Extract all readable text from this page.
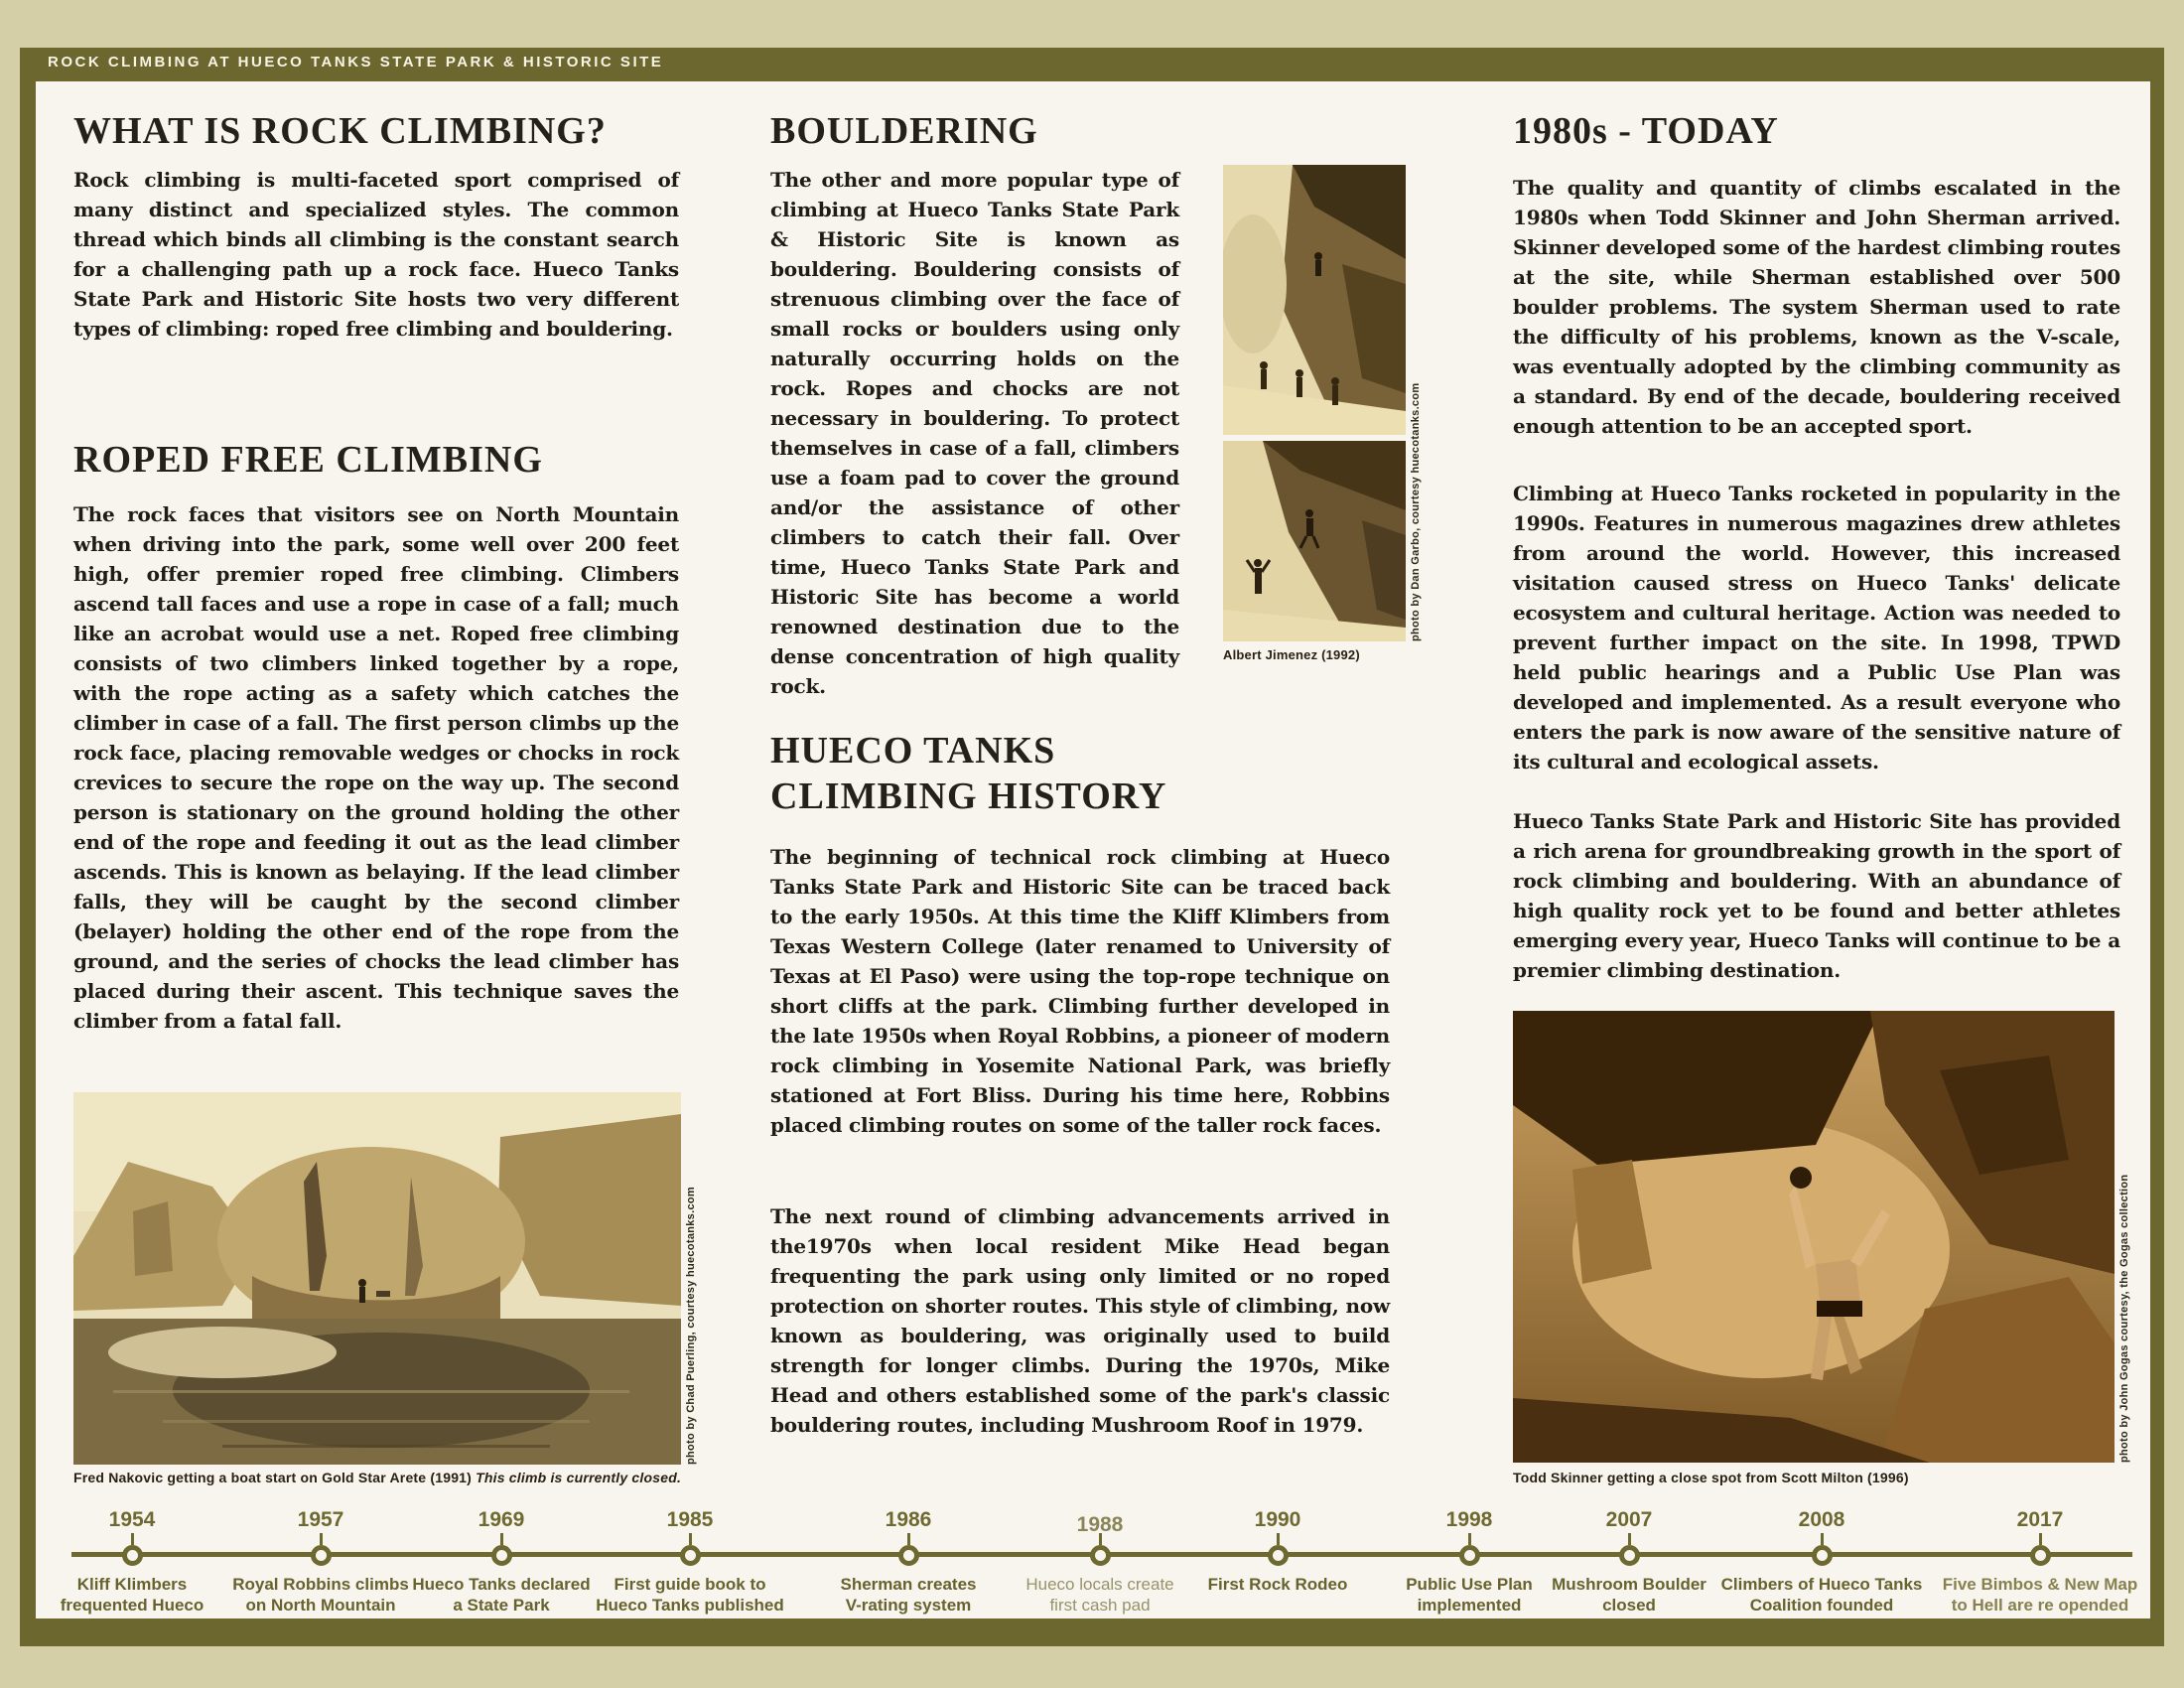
ROCK CLIMBING AT HUECO TANKS STATE PARK & HISTORIC SITE
WHAT IS ROCK CLIMBING?
Rock climbing is multi-faceted sport comprised of many distinct and specialized styles. The common thread which binds all climbing is the constant search for a challenging path up a rock face. Hueco Tanks State Park and Historic Site hosts two very different types of climbing: roped free climbing and bouldering.
ROPED FREE CLIMBING
The rock faces that visitors see on North Mountain when driving into the park, some well over 200 feet high, offer premier roped free climbing. Climbers ascend tall faces and use a rope in case of a fall; much like an acrobat would use a net. Roped free climbing consists of two climbers linked together by a rope, with the rope acting as a safety which catches the climber in case of a fall. The first person climbs up the rock face, placing removable wedges or chocks in rock crevices to secure the rope on the way up. The second person is stationary on the ground holding the other end of the rope and feeding it out as the lead climber ascends. This is known as belaying. If the lead climber falls, they will be caught by the second climber (belayer) holding the other end of the rope from the ground, and the series of chocks the lead climber has placed during their ascent. This technique saves the climber from a fatal fall.
photo by Chad Puerling, courtesy huecotanks.com
Fred Nakovic getting a boat start on Gold Star Arete (1991) This climb is currently closed.
BOULDERING
The other and more popular type of climbing at Hueco Tanks State Park & Historic Site is known as bouldering. Bouldering consists of strenuous climbing over the face of small rocks or boulders using only naturally occurring holds on the rock. Ropes and chocks are not necessary in bouldering. To protect themselves in case of a fall, climbers use a foam pad to cover the ground and/or the assistance of other climbers to catch their fall. Over time, Hueco Tanks State Park and Historic Site has become a world renowned destination due to the dense concentration of high quality rock.
photo by Dan Garbo, courtesy huecotanks.com
Albert Jimenez (1992)
HUECO TANKS
CLIMBING HISTORY
The beginning of technical rock climbing at Hueco Tanks State Park and Historic Site can be traced back to the early 1950s. At this time the Kliff Klimbers from Texas Western College (later renamed to University of Texas at El Paso) were using the top-rope technique on short cliffs at the park. Climbing further developed in the late 1950s when Royal Robbins, a pioneer of modern rock climbing in Yosemite National Park, was briefly stationed at Fort Bliss. During his time here, Robbins placed climbing routes on some of the taller rock faces.
The next round of climbing advancements arrived in the1970s when local resident Mike Head began frequenting the park using only limited or no roped protection on shorter routes. This style of climbing, now known as bouldering, was originally used to build strength for longer climbs. During the 1970s, Mike Head and others established some of the park's classic bouldering routes, including Mushroom Roof in 1979.
1980s - TODAY
The quality and quantity of climbs escalated in the 1980s when Todd Skinner and John Sherman arrived. Skinner developed some of the hardest climbing routes at the site, while Sherman established over 500 boulder problems. The system Sherman used to rate the difficulty of his problems, known as the V-scale, was eventually adopted by the climbing community as a standard. By end of the decade, bouldering received enough attention to be an accepted sport.
Climbing at Hueco Tanks rocketed in popularity in the 1990s. Features in numerous magazines drew athletes from around the world. However, this increased visitation caused stress on Hueco Tanks' delicate ecosystem and cultural heritage. Action was needed to prevent further impact on the site. In 1998, TPWD held public hearings and a Public Use Plan was developed and implemented. As a result everyone who enters the park is now aware of the sensitive nature of its cultural and ecological assets.
Hueco Tanks State Park and Historic Site has provided a rich arena for groundbreaking growth in the sport of rock climbing and bouldering. With an abundance of high quality rock yet to be found and better athletes emerging every year, Hueco Tanks will continue to be a premier climbing destination.
photo by John Gogas courtesy, the Gogas collection
Todd Skinner getting a close spot from Scott Milton (1996)
1954
Kliff Klimbers
frequented Hueco
1957
Royal Robbins climbs
on North Mountain
1969
Hueco Tanks declared
a State Park
1985
First guide book to
Hueco Tanks published
1986
Sherman creates
V-rating system
1988
Hueco locals create
first cash pad
1990
First Rock Rodeo
1998
Public Use Plan
implemented
2007
Mushroom Boulder
closed
2008
Climbers of Hueco Tanks
Coalition founded
2017
Five Bimbos & New Map
to Hell are re opended
